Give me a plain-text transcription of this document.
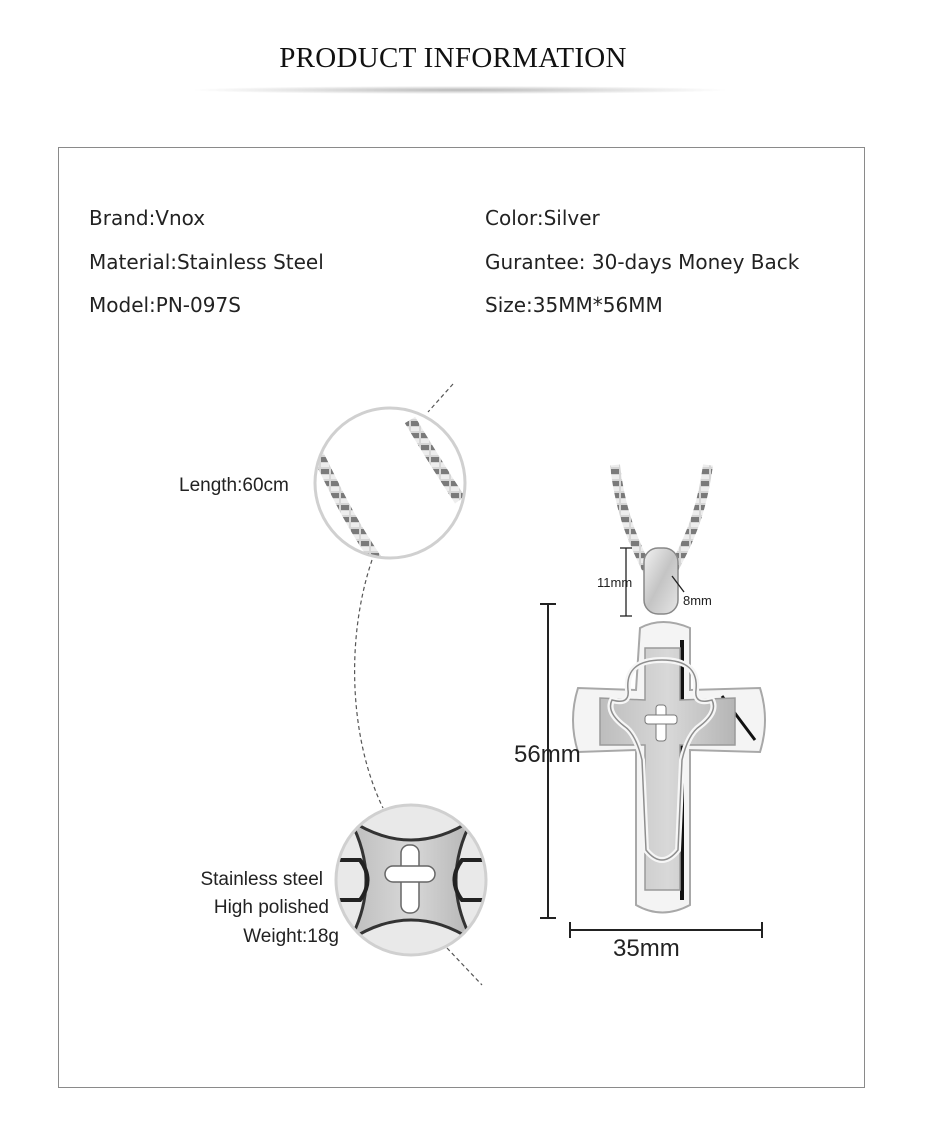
PRODUCT INFORMATION
Brand:Vnox
Material:Stainless Steel
Model:PN-097S
Color:Silver
Gurantee: 30-days Money Back
Size:35MM*56MM
Length:60cm
Stainless steel
High polished
Weight:18g
56mm
35mm
11mm
8mm
